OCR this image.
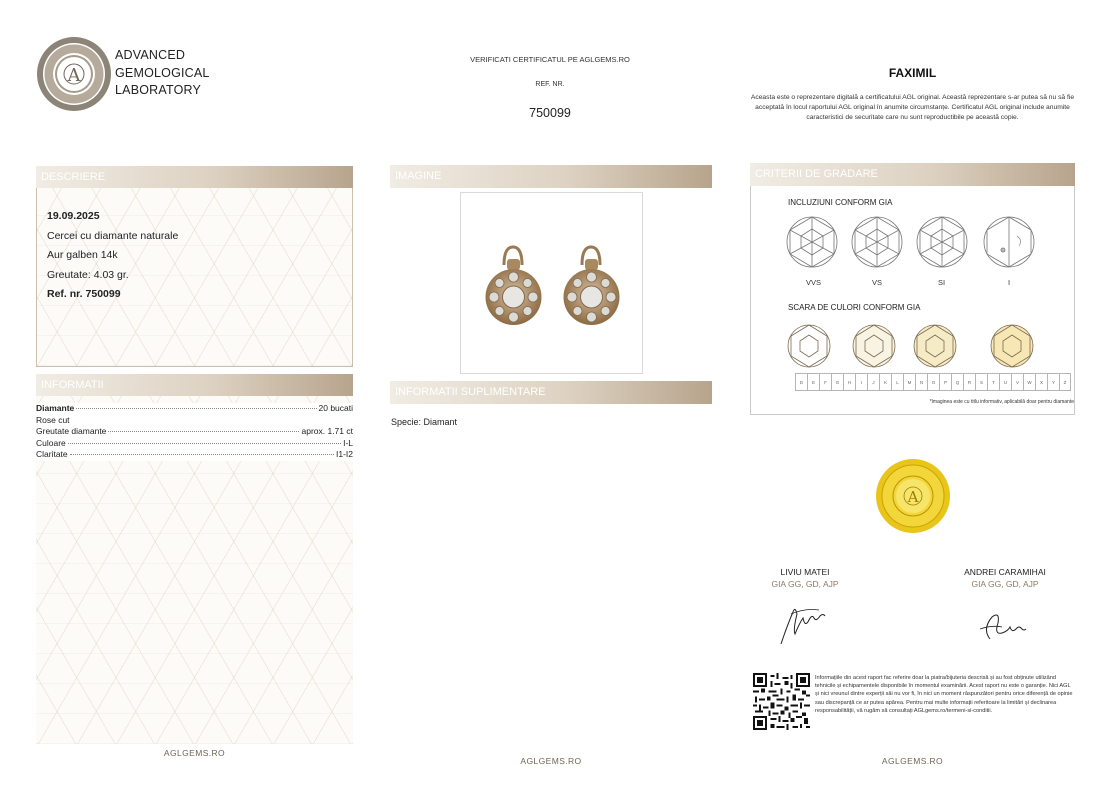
A
ADVANCED
GEMOLOGICAL
LABORATORY
DESCRIERE
19.09.2025
Cercei cu diamante naturale
Aur galben 14k
Greutate: 4.03 gr.
Ref. nr. 750099
INFORMATII
Diamante	20 bucati
Rose cut
Greutate diamante	aprox. 1.71 ct
Culoare	I-L
Claritate	I1-I2
AGLGEMS.RO
VERIFICATI CERTIFICATUL PE AGLGEMS.RO
REF. NR.
750099
IMAGINE
INFORMATII SUPLIMENTARE
Specie: Diamant
AGLGEMS.RO
FAXIMIL
Aceasta este o reprezentare digitală a certificatului AGL original. Această reprezentare s-ar putea să nu să fie acceptată în locul raportului AGL original în anumite circumstanțe. Certificatul AGL original include anumite caracteristici de securitate care nu sunt reproductibile pe această copie.
CRITERII DE GRADARE
INCLUZIUNI CONFORM GIA
VVS	VS	SI	I
SCARA DE CULORI CONFORM GIA
D	E	F	G	H	I	J	K	L	M	N	O	P	Q	R	S	T	U	V	W	X	Y	Z
*Imaginea este cu titlu informativ, aplicabilă doar pentru diamante
A
LIVIU MATEI
GIA GG, GD, AJP
ANDREI CARAMIHAI
GIA GG, GD, AJP
Informațiile din acest raport fac referire doar la piatra/bijuteria descrisă și au fost obținute utilizând tehnicile și echipamentele disponibile în momentul examinării. Acest raport nu este o garanție. Nici AGL și nici vreunul dintre experții săi nu vor fi, în nici un moment răspunzători pentru orice diferență de opinie sau discrepanță ce ar putea apărea. Pentru mai multe informații referitoare la limitări și declinarea responsabilității, vă rugăm să consultați AGLgems.ro/termeni-si-conditii.
AGLGEMS.RO
